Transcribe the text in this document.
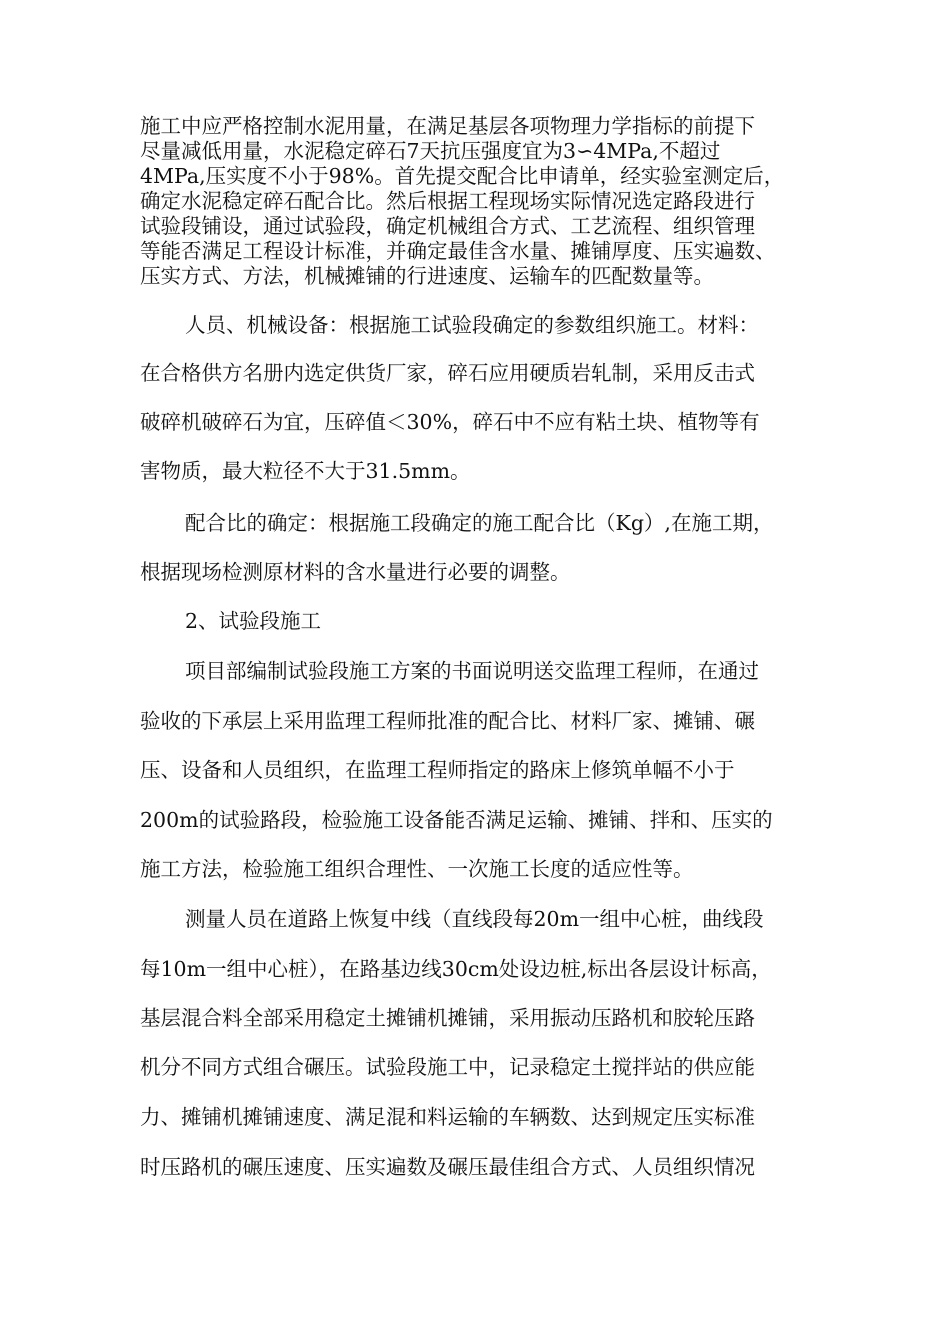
施工中应严格控制水泥用量，在满足基层各项物理力学指标的前提下
尽量减低用量，水泥稳定碎石7天抗压强度宜为3∽4MPa,不超过
4MPa,压实度不小于98%。首先提交配合比申请单，经实验室测定后，
确定水泥稳定碎石配合比。然后根据工程现场实际情况选定路段进行
试验段铺设，通过试验段，确定机械组合方式、工艺流程、组织管理
等能否满足工程设计标准，并确定最佳含水量、摊铺厚度、压实遍数、
压实方式、方法，机械摊铺的行进速度、运输车的匹配数量等。
人员、机械设备：根据施工试验段确定的参数组织施工。材料：
在合格供方名册内选定供货厂家，碎石应用硬质岩轧制，采用反击式
破碎机破碎石为宜，压碎值＜30%，碎石中不应有粘土块、植物等有
害物质，最大粒径不大于31.5mm。
配合比的确定：根据施工段确定的施工配合比（Kg）,在施工期，
根据现场检测原材料的含水量进行必要的调整。
2、试验段施工
项目部编制试验段施工方案的书面说明送交监理工程师，在通过
验收的下承层上采用监理工程师批准的配合比、材料厂家、摊铺、碾
压、设备和人员组织，在监理工程师指定的路床上修筑单幅不小于
200m的试验路段，检验施工设备能否满足运输、摊铺、拌和、压实的
施工方法，检验施工组织合理性、一次施工长度的适应性等。
测量人员在道路上恢复中线（直线段每20m一组中心桩，曲线段
每10m一组中心桩），在路基边线30cm处设边桩,标出各层设计标高，
基层混合料全部采用稳定土摊铺机摊铺，采用振动压路机和胶轮压路
机分不同方式组合碾压。试验段施工中，记录稳定土搅拌站的供应能
力、摊铺机摊铺速度、满足混和料运输的车辆数、达到规定压实标准
时压路机的碾压速度、压实遍数及碾压最佳组合方式、人员组织情况
